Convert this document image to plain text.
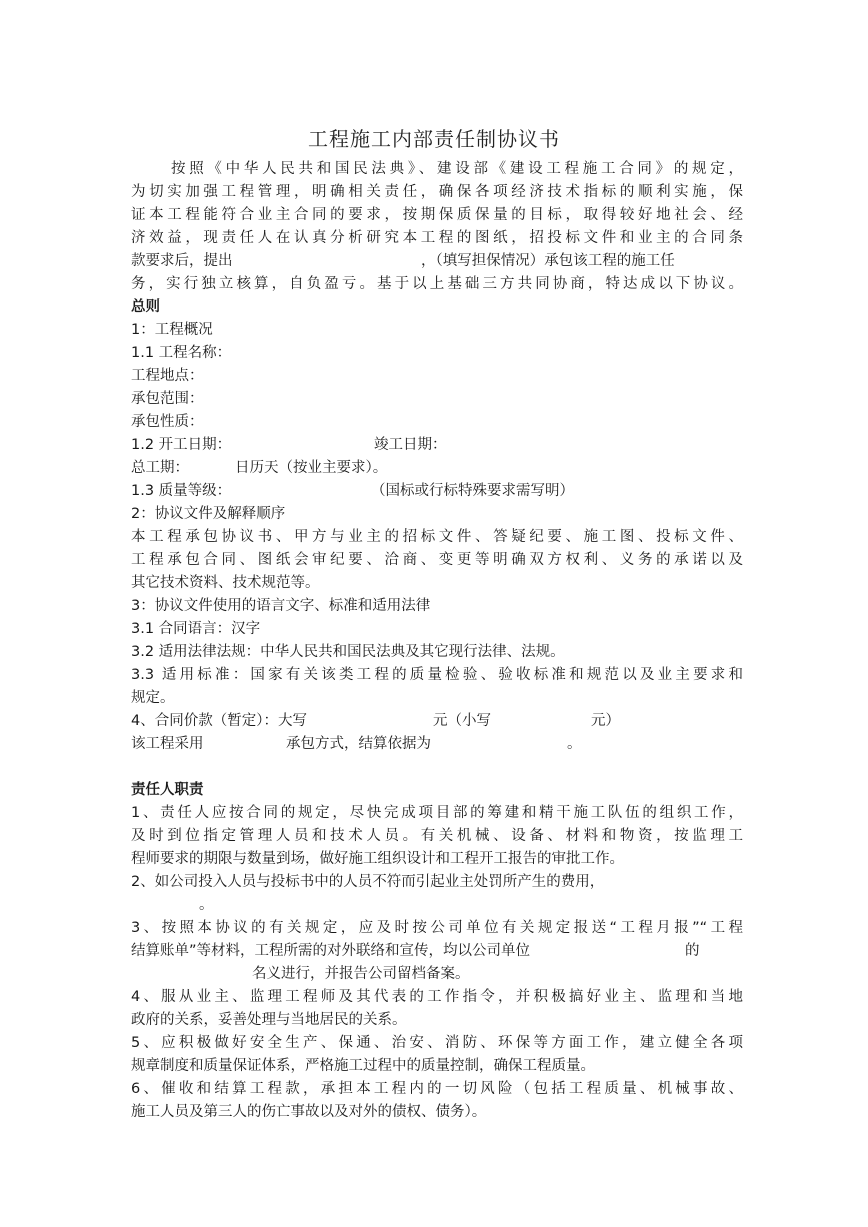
工程施工内部责任制协议书
按照《中华人民共和国民法典》、建设部《建设工程施工合同》的规定，
为切实加强工程管理，明确相关责任，确保各项经济技术指标的顺利实施，保
证本工程能符合业主合同的要求，按期保质保量的目标，取得较好地社会、经
济效益，现责任人在认真分析研究本工程的图纸，招投标文件和业主的合同条
款要求后，提出	，（填写担保情况）承包该工程的施工任
务，实行独立核算，自负盈亏。基于以上基础三方共同协商，特达成以下协议。
总则
1：工程概况
1.1 工程名称：
工程地点：
承包范围：
承包性质：
1.2 开工日期：	竣工日期：
总工期：	日历天（按业主要求）。
1.3 质量等级：	（国标或行标特殊要求需写明）
2：协议文件及解释顺序
本工程承包协议书、甲方与业主的招标文件、答疑纪要、施工图、投标文件、
工程承包合同、图纸会审纪要、洽商、变更等明确双方权利、义务的承诺以及
其它技术资料、技术规范等。
3：协议文件使用的语言文字、标准和适用法律
3.1 合同语言：汉字
3.2 适用法律法规：中华人民共和国民法典及其它现行法律、法规。
3.3 适用标准：国家有关该类工程的质量检验、验收标准和规范以及业主要求和
规定。
4、合同价款（暂定）：大写	元（小写	元）
该工程采用	承包方式，结算依据为	。
责任人职责
1、责任人应按合同的规定，尽快完成项目部的筹建和精干施工队伍的组织工作，
及时到位指定管理人员和技术人员。有关机械、设备、材料和物资，按监理工
程师要求的期限与数量到场，做好施工组织设计和工程开工报告的审批工作。
2、如公司投入人员与投标书中的人员不符而引起业主处罚所产生的费用，
。
3、按照本协议的有关规定，应及时按公司单位有关规定报送“工程月报”“工程
结算账单”等材料，工程所需的对外联络和宣传，均以公司单位	的
名义进行，并报告公司留档备案。
4、服从业主、监理工程师及其代表的工作指令，并积极搞好业主、监理和当地
政府的关系，妥善处理与当地居民的关系。
5、应积极做好安全生产、保通、治安、消防、环保等方面工作，建立健全各项
规章制度和质量保证体系，严格施工过程中的质量控制，确保工程质量。
6、催收和结算工程款，承担本工程内的一切风险（包括工程质量、机械事故、
施工人员及第三人的伤亡事故以及对外的债权、债务）。
